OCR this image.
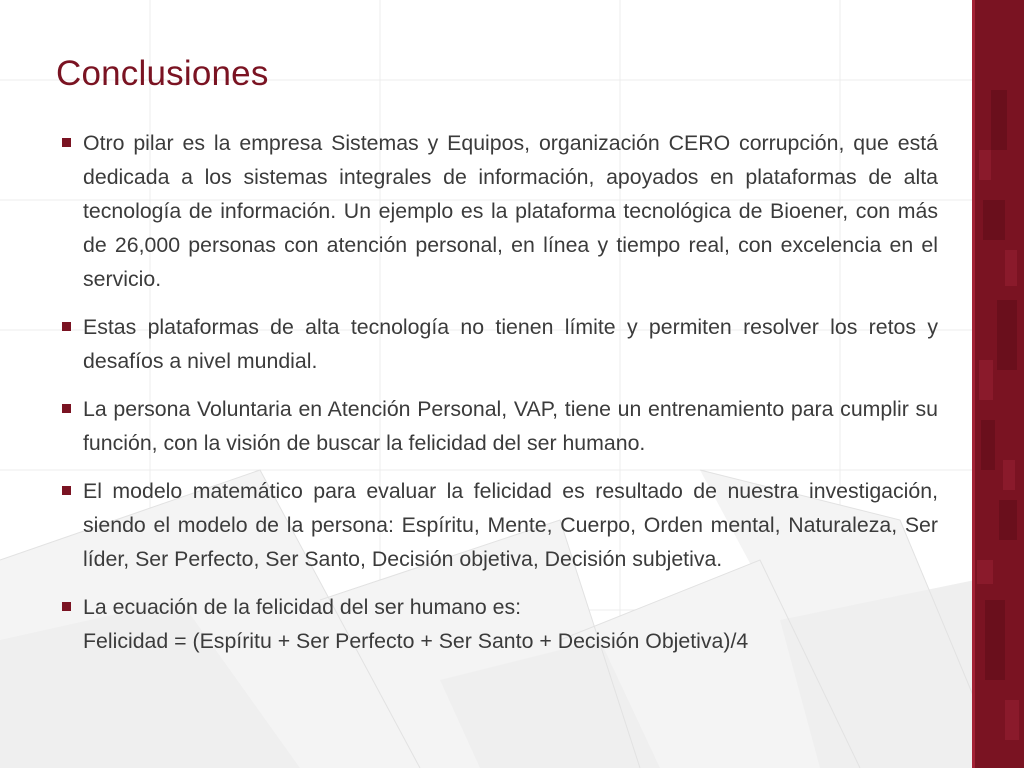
Conclusiones
Otro pilar es la empresa Sistemas y Equipos, organización CERO corrupción, que está dedicada a los sistemas integrales de información, apoyados en plataformas de alta tecnología de información. Un ejemplo es la plataforma tecnológica de Bioener, con más de 26,000 personas con atención personal, en línea y tiempo real, con excelencia en el servicio.
Estas plataformas de alta tecnología no tienen límite y permiten resolver los retos y desafíos a nivel mundial.
La persona Voluntaria en Atención Personal, VAP, tiene un entrenamiento para cumplir su función, con la visión de buscar la felicidad del ser humano.
El modelo matemático para evaluar la felicidad es resultado de nuestra investigación, siendo el modelo de la persona: Espíritu, Mente, Cuerpo, Orden mental, Naturaleza, Ser líder, Ser Perfecto, Ser Santo, Decisión objetiva, Decisión subjetiva.
La ecuación de la felicidad del ser humano es:
Felicidad = (Espíritu + Ser Perfecto + Ser Santo + Decisión Objetiva)/4
